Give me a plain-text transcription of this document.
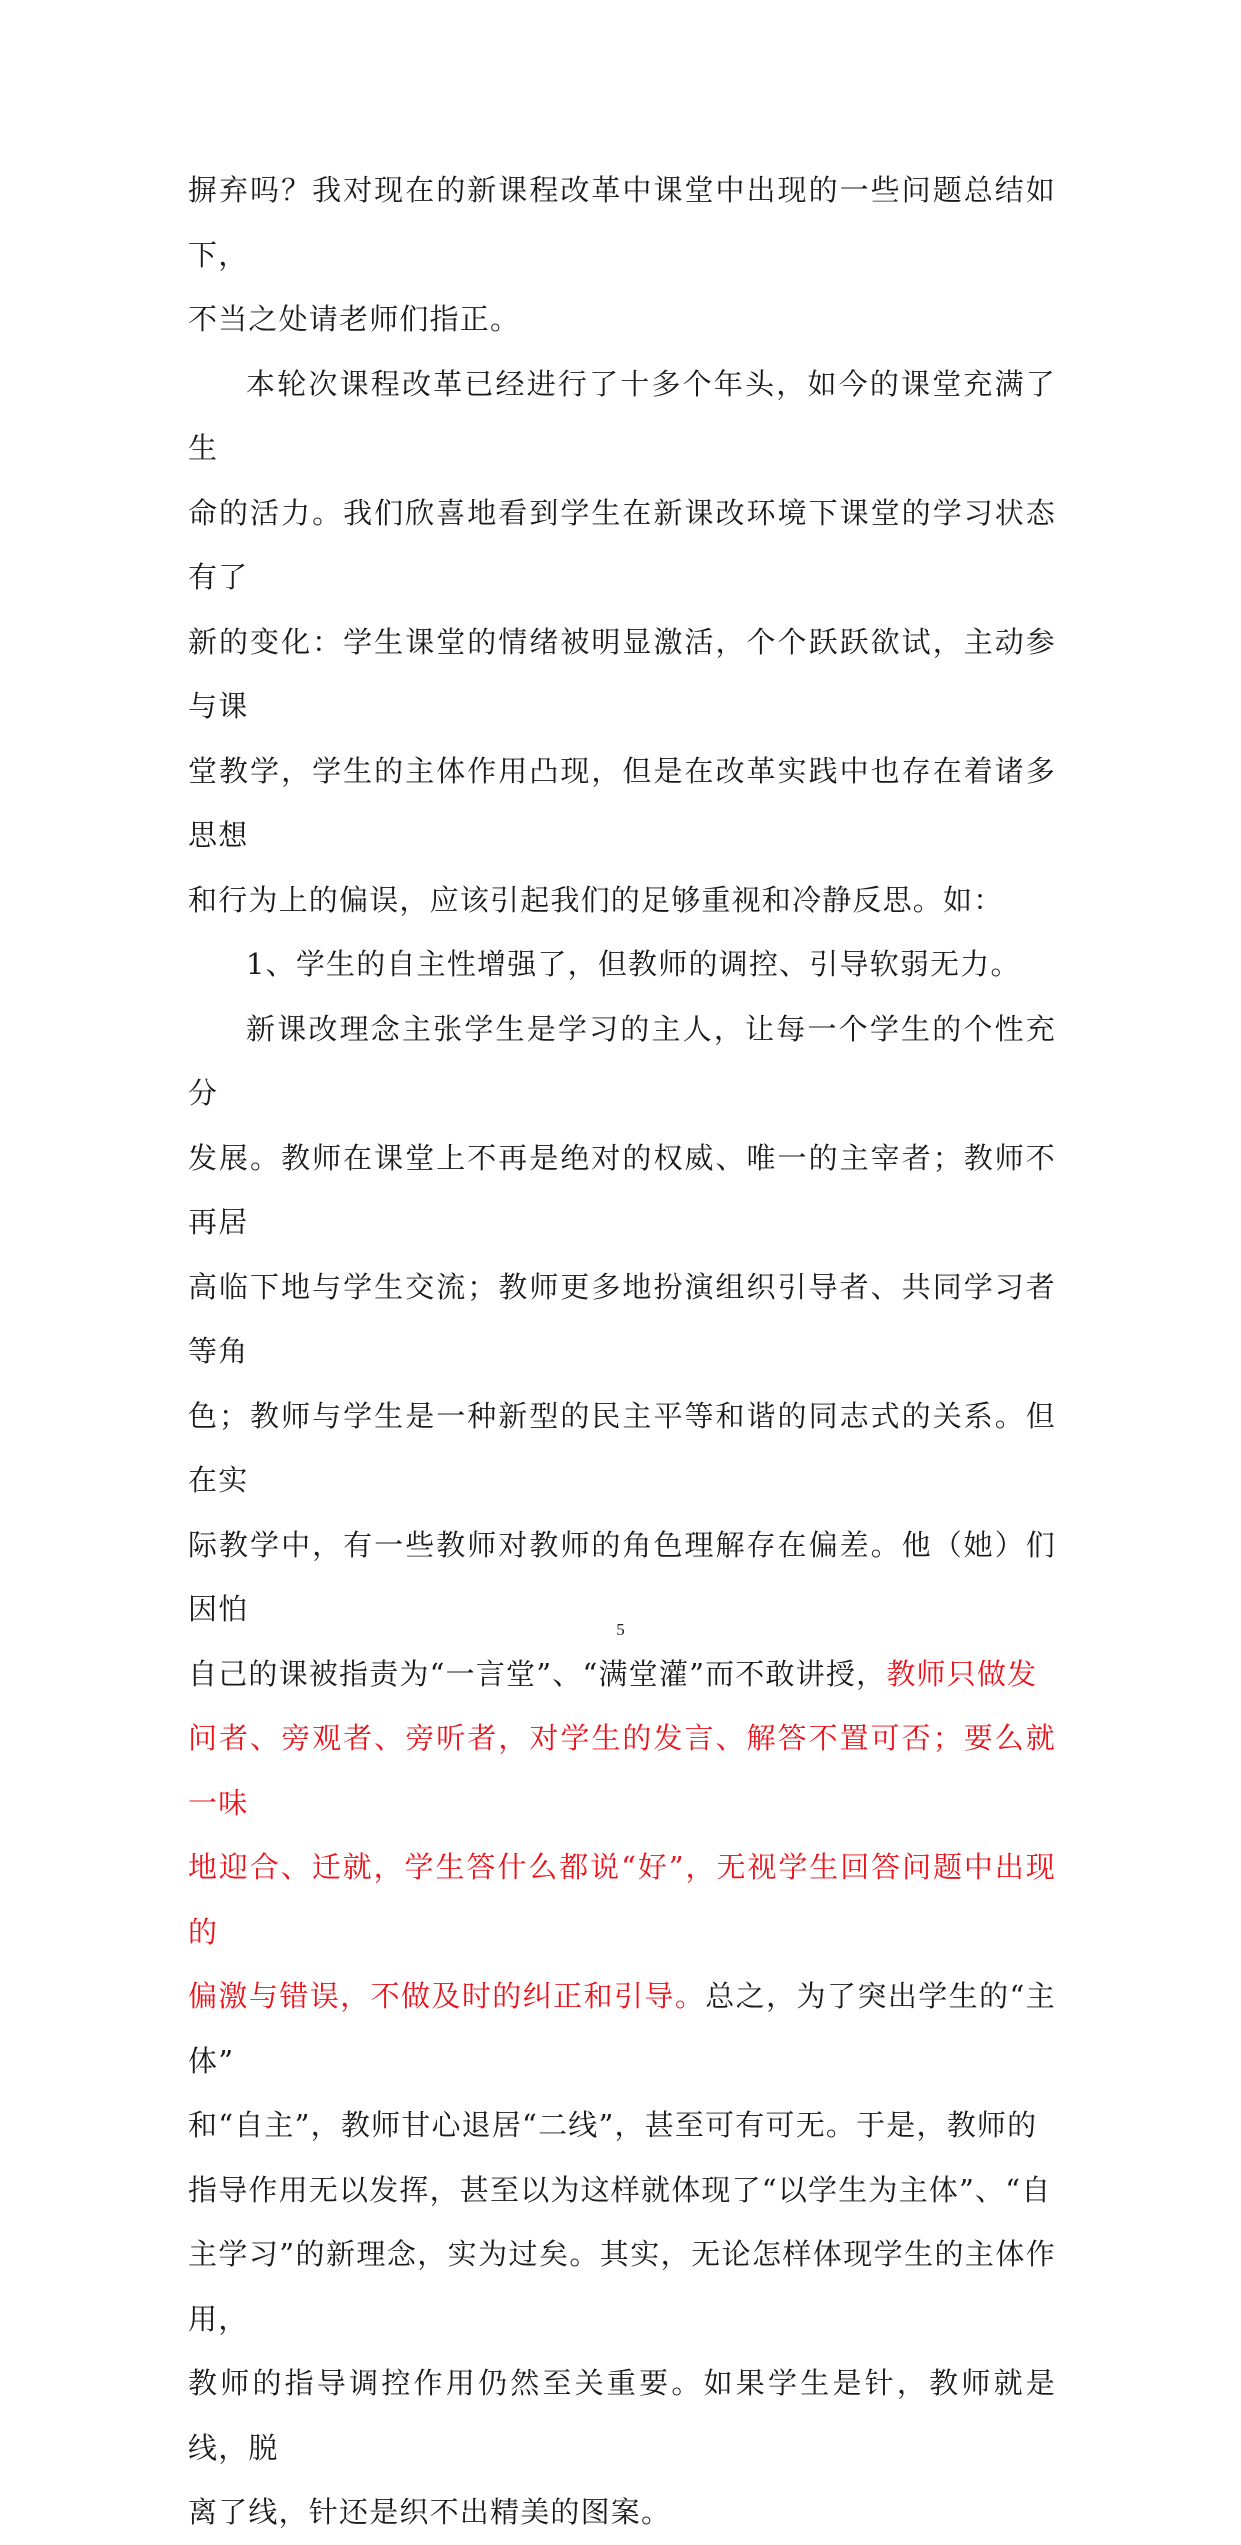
摒弃吗？我对现在的新课程改革中课堂中出现的一些问题总结如下，
不当之处请老师们指正。
本轮次课程改革已经进行了十多个年头，如今的课堂充满了生
命的活力。我们欣喜地看到学生在新课改环境下课堂的学习状态有了
新的变化：学生课堂的情绪被明显激活，个个跃跃欲试，主动参与课
堂教学，学生的主体作用凸现，但是在改革实践中也存在着诸多思想
和行为上的偏误，应该引起我们的足够重视和冷静反思。如：
1、学生的自主性增强了，但教师的调控、引导软弱无力。
新课改理念主张学生是学习的主人，让每一个学生的个性充分
发展。教师在课堂上不再是绝对的权威、唯一的主宰者；教师不再居
高临下地与学生交流；教师更多地扮演组织引导者、共同学习者等角
色；教师与学生是一种新型的民主平等和谐的同志式的关系。但在实
际教学中，有一些教师对教师的角色理解存在偏差。他（她）们因怕
自己的课被指责为“一言堂”、“满堂灌”而不敢讲授，教师只做发
问者、旁观者、旁听者，对学生的发言、解答不置可否；要么就一味
地迎合、迁就，学生答什么都说“好”，无视学生回答问题中出现的
偏激与错误，不做及时的纠正和引导。总之，为了突出学生的“主体”
和“自主”，教师甘心退居“二线”，甚至可有可无。于是，教师的
指导作用无以发挥，甚至以为这样就体现了“以学生为主体”、“自
主学习”的新理念，实为过矣。其实，无论怎样体现学生的主体作用，
教师的指导调控作用仍然至关重要。如果学生是针，教师就是线，脱
离了线，针还是织不出精美的图案。
5
